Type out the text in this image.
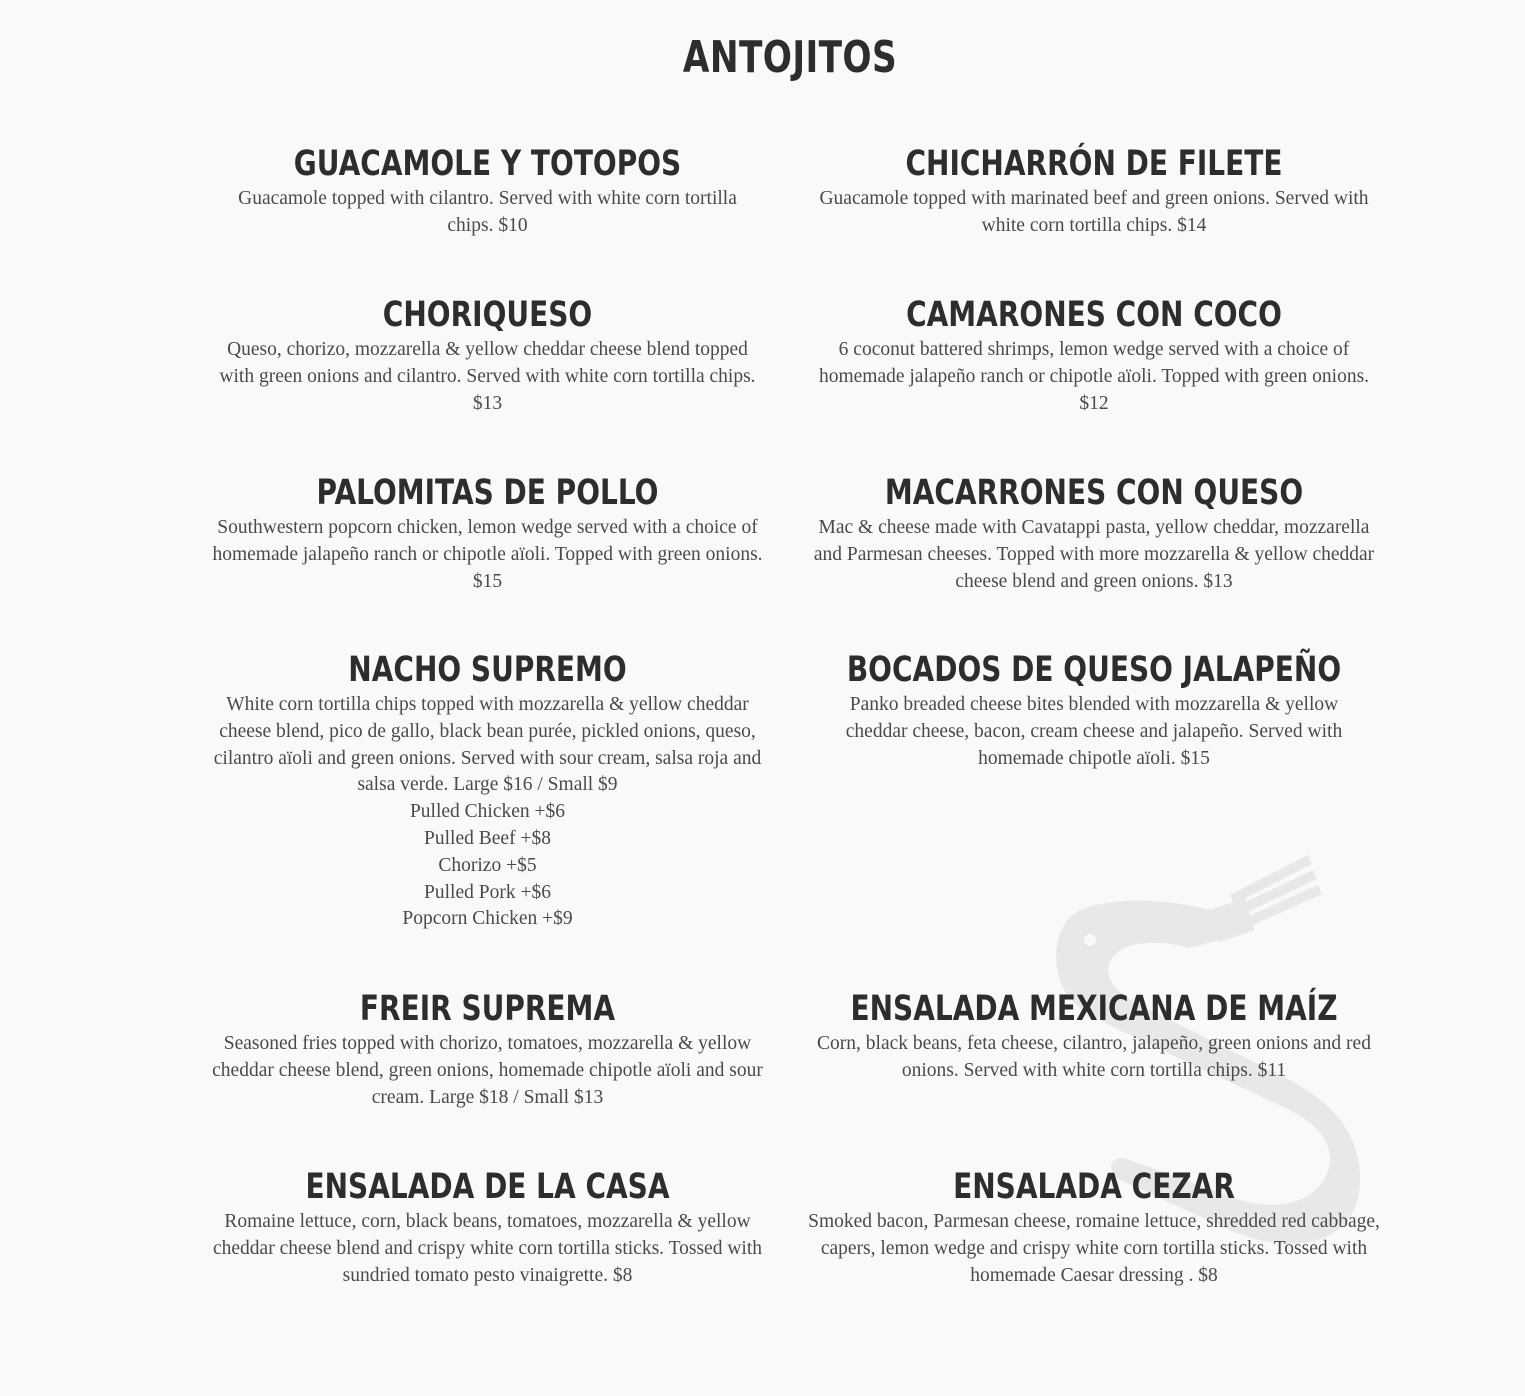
ANTOJITOS
GUACAMOLE Y TOTOPOS
Guacamole topped with cilantro. Served with white corn tortilla chips. $10
CHORIQUESO
Queso, chorizo, mozzarella & yellow cheddar cheese blend topped with green onions and cilantro. Served with white corn tortilla chips. $13
PALOMITAS DE POLLO
Southwestern popcorn chicken, lemon wedge served with a choice of homemade jalapeño ranch or chipotle aïoli. Topped with green onions. $15
NACHO SUPREMO
White corn tortilla chips topped with mozzarella & yellow cheddar cheese blend, pico de gallo, black bean purée, pickled onions, queso, cilantro aïoli and green onions. Served with sour cream, salsa roja and salsa verde. Large $16 / Small $9
Pulled Chicken +$6
Pulled Beef +$8
Chorizo +$5
Pulled Pork +$6
Popcorn Chicken +$9
FREIR SUPREMA
Seasoned fries topped with chorizo, tomatoes, mozzarella & yellow cheddar cheese blend, green onions, homemade chipotle aïoli and sour cream. Large $18 / Small $13
ENSALADA DE LA CASA
Romaine lettuce, corn, black beans, tomatoes, mozzarella & yellow cheddar cheese blend and crispy white corn tortilla sticks. Tossed with sundried tomato pesto vinaigrette. $8
CHICHARRÓN DE FILETE
Guacamole topped with marinated beef and green onions. Served with white corn tortilla chips. $14
CAMARONES CON COCO
6 coconut battered shrimps, lemon wedge served with a choice of homemade jalapeño ranch or chipotle aïoli. Topped with green onions. $12
MACARRONES CON QUESO
Mac & cheese made with Cavatappi pasta, yellow cheddar, mozzarella and Parmesan cheeses. Topped with more mozzarella & yellow cheddar cheese blend and green onions. $13
BOCADOS DE QUESO JALAPEÑO
Panko breaded cheese bites blended with mozzarella & yellow cheddar cheese, bacon, cream cheese and jalapeño. Served with homemade chipotle aïoli. $15
ENSALADA MEXICANA DE MAÍZ
Corn, black beans, feta cheese, cilantro, jalapeño, green onions and red onions. Served with white corn tortilla chips. $11
ENSALADA CEZAR
Smoked bacon, Parmesan cheese, romaine lettuce, shredded red cabbage, capers, lemon wedge and crispy white corn tortilla sticks. Tossed with homemade Caesar dressing . $8
